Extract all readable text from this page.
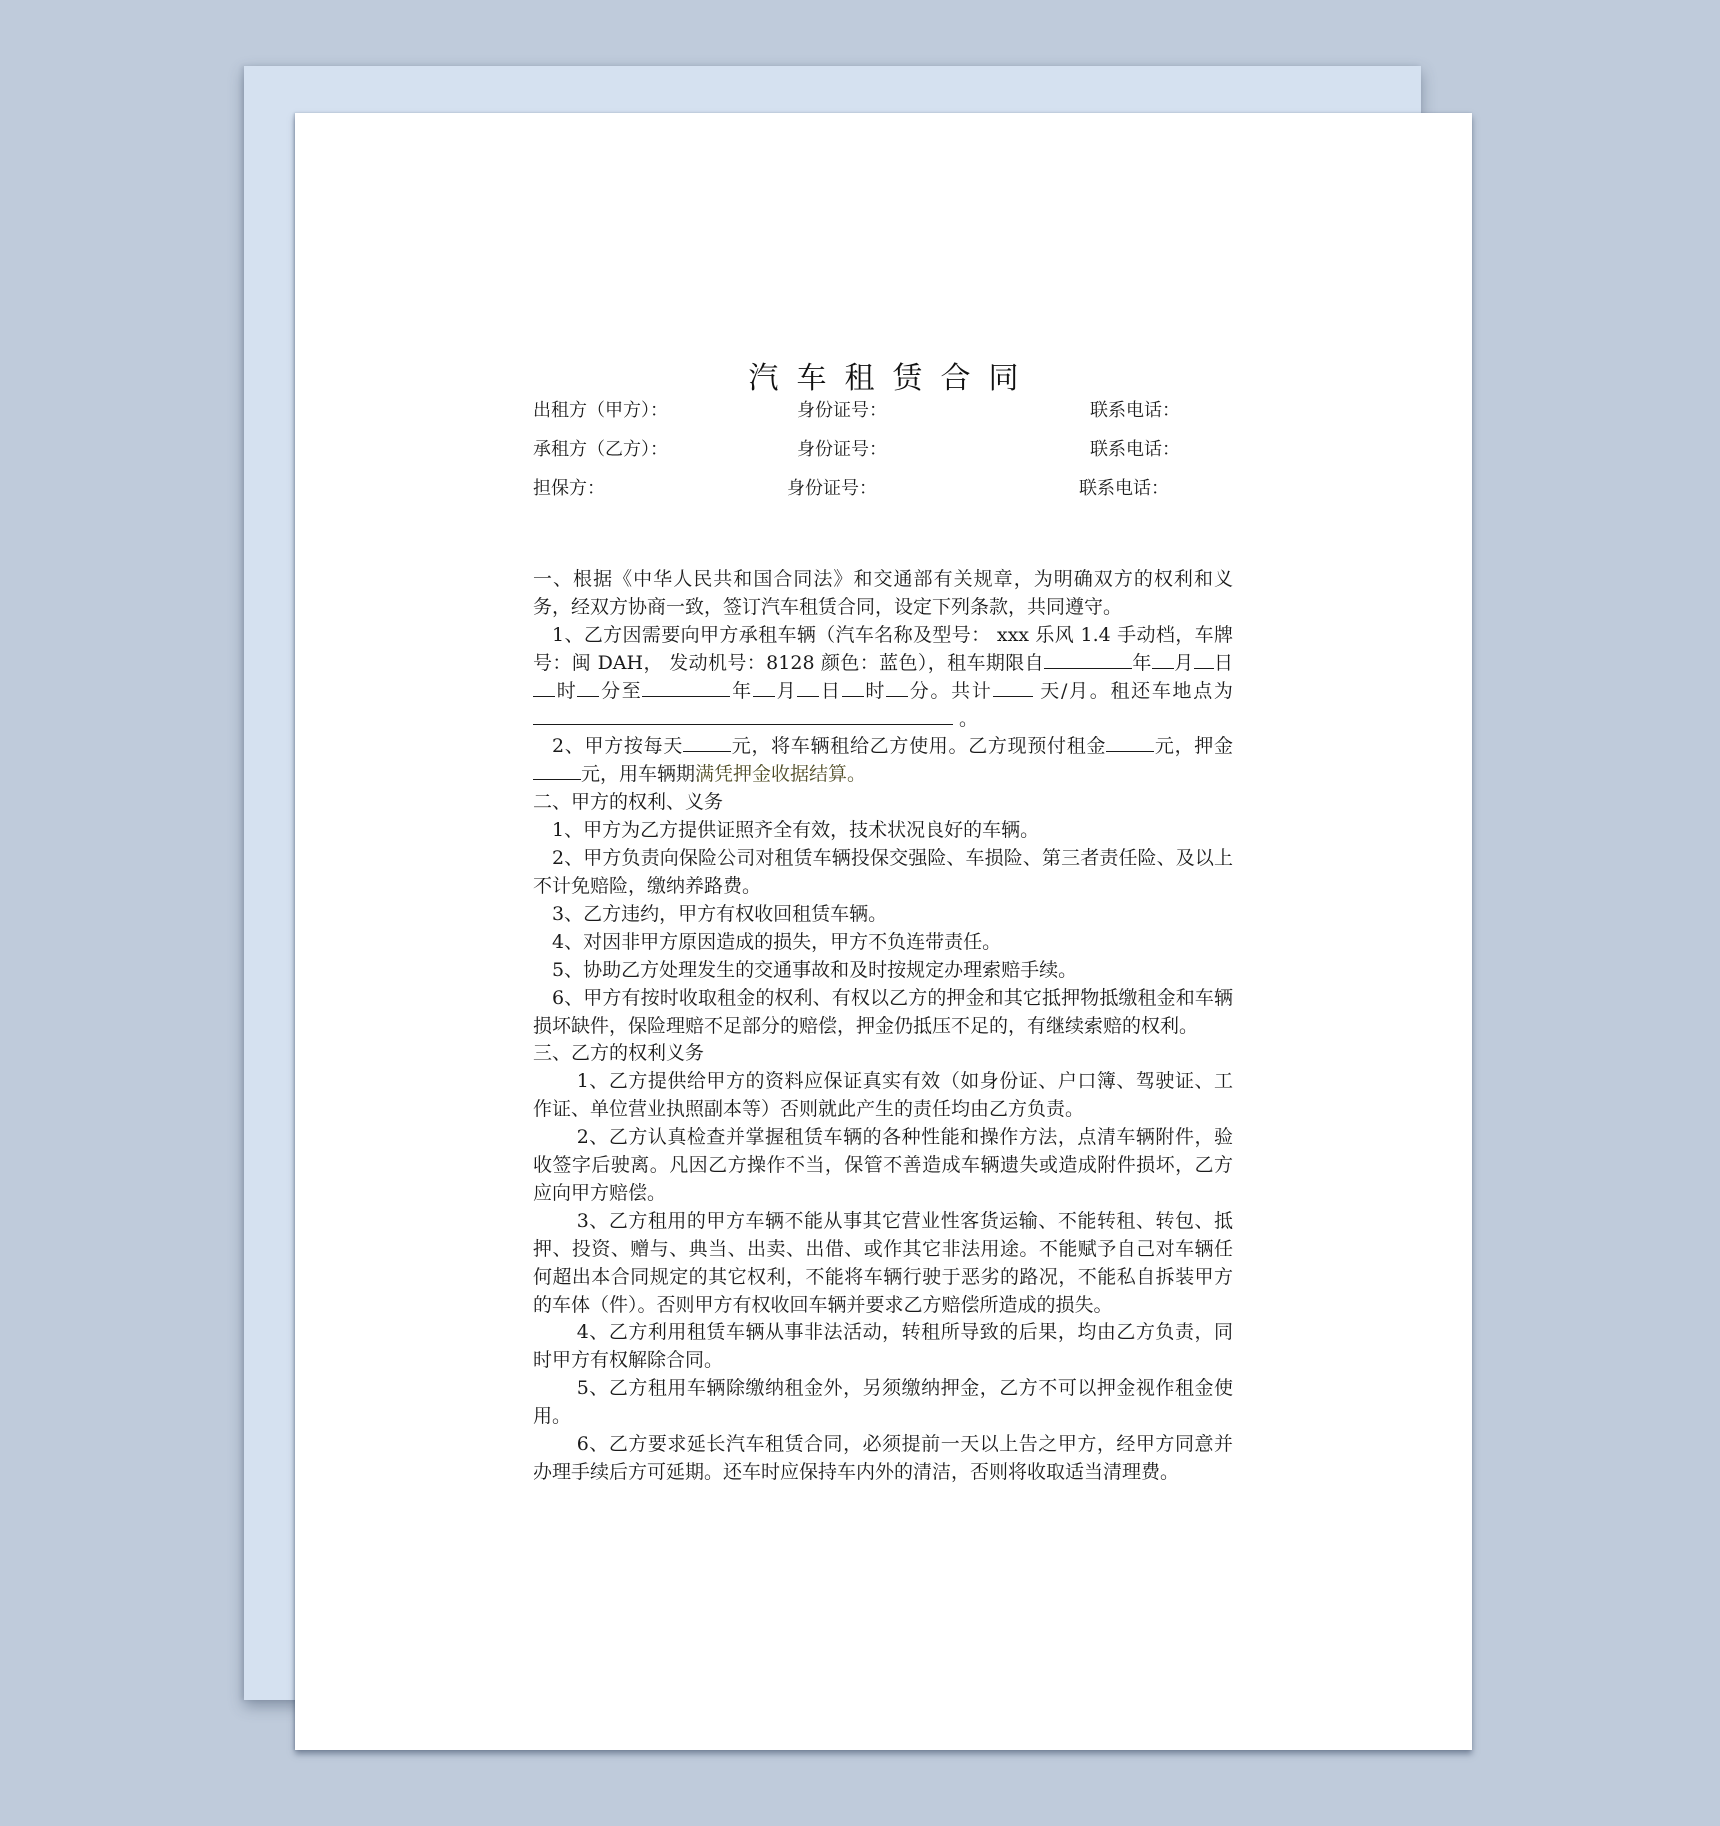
汽车租赁合同
出租方（甲方）：	身份证号：	联系电话：
承租方（乙方）：	身份证号：	联系电话：
担保方：	身份证号：	联系电话：

一、根据《中华人民共和国合同法》和交通部有关规章，为明确双方的权利和义务，经双方协商一致，签订汽车租赁合同，设定下列条款，共同遵守。

1、乙方因需要向甲方承租车辆（汽车名称及型号： xxx 乐风 1.4 手动档，车牌号：闽 DAH， 发动机号：8128 颜色：蓝色），租车期限自	年 月 日时 分至	年 月 日 时 分。共计 天/月。租还车地点为 。

2、甲方按每天	元，将车辆租给乙方使用。乙方现预付租金	元，押金元，用车辆期满凭押金收据结算。

二、甲方的权利、义务

1、甲方为乙方提供证照齐全有效，技术状况良好的车辆。

2、甲方负责向保险公司对租赁车辆投保交强险、车损险、第三者责任险、及以上不计免赔险，缴纳养路费。

3、乙方违约，甲方有权收回租赁车辆。

4、对因非甲方原因造成的损失，甲方不负连带责任。

5、协助乙方处理发生的交通事故和及时按规定办理索赔手续。

6、甲方有按时收取租金的权利、有权以乙方的押金和其它抵押物抵缴租金和车辆损坏缺件，保险理赔不足部分的赔偿，押金仍抵压不足的，有继续索赔的权利。

三、乙方的权利义务

1、乙方提供给甲方的资料应保证真实有效（如身份证、户口簿、驾驶证、工作证、单位营业执照副本等）否则就此产生的责任均由乙方负责。

2、乙方认真检查并掌握租赁车辆的各种性能和操作方法，点清车辆附件，验收签字后驶离。凡因乙方操作不当，保管不善造成车辆遗失或造成附件损坏，乙方应向甲方赔偿。

3、乙方租用的甲方车辆不能从事其它营业性客货运输、不能转租、转包、抵押、投资、赠与、典当、出卖、出借、或作其它非法用途。不能赋予自己对车辆任何超出本合同规定的其它权利，不能将车辆行驶于恶劣的路况，不能私自拆装甲方的车体（件）。否则甲方有权收回车辆并要求乙方赔偿所造成的损失。

4、乙方利用租赁车辆从事非法活动，转租所导致的后果，均由乙方负责，同时甲方有权解除合同。

5、乙方租用车辆除缴纳租金外，另须缴纳押金，乙方不可以押金视作租金使用。

6、乙方要求延长汽车租赁合同，必须提前一天以上告之甲方，经甲方同意并办理手续后方可延期。还车时应保持车内外的清洁，否则将收取适当清理费。
